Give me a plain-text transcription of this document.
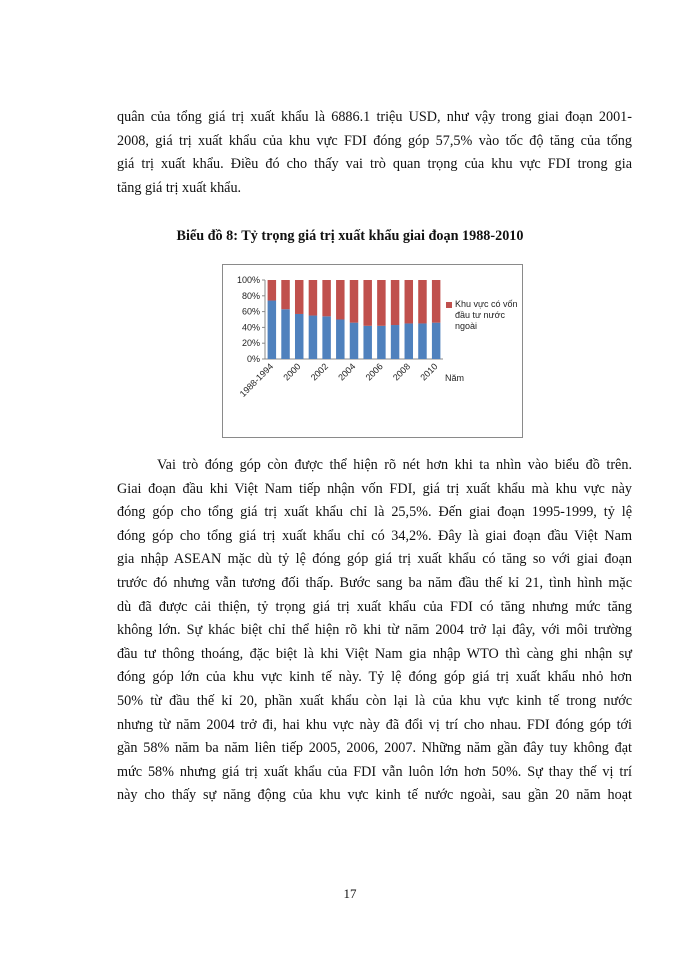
quân của tổng giá trị xuất khẩu là 6886.1 triệu USD, như vậy trong giai đoạn 2001-
2008, giá trị xuất khẩu của khu vực FDI đóng góp 57,5% vào tốc độ tăng của tổng
giá trị xuất khẩu. Điều đó cho thấy vai trò quan trọng của khu vực FDI trong gia
tăng giá trị xuất khẩu.
Biểu đồ 8: Tỷ trọng giá trị xuất khẩu giai đoạn 1988-2010
0%
20%
40%
60%
80%
100%
1988-1994 2000 2002 2004 2006 2008 2010 Năm
Khu vực có vốn đầu tư nước ngoài
Vai trò đóng góp còn được thể hiện rõ nét hơn khi ta nhìn vào biểu đồ trên.
Giai đoạn đầu khi Việt Nam tiếp nhận vốn FDI, giá trị xuất khẩu mà khu vực này
đóng góp cho tổng giá trị xuất khẩu chỉ là 25,5%. Đến giai đoạn 1995-1999, tỷ lệ
đóng góp cho tổng giá trị xuất khẩu chỉ có 34,2%. Đây là giai đoạn đầu Việt Nam
gia nhập ASEAN mặc dù tỷ lệ đóng góp giá trị xuất khẩu có tăng so với giai đoạn
trước đó nhưng vẫn tương đối thấp. Bước sang ba năm đầu thế kỉ 21, tình hình mặc
dù đã được cải thiện, tỷ trọng giá trị xuất khẩu của FDI có tăng nhưng mức tăng
không lớn. Sự khác biệt chỉ thể hiện rõ khi từ năm 2004 trở lại đây, với môi trường
đầu tư thông thoáng, đặc biệt là khi Việt Nam gia nhập WTO thì càng ghi nhận sự
đóng góp lớn của khu vực kinh tế này. Tỷ lệ đóng góp giá trị xuất khẩu nhỏ hơn
50% từ đầu thế kỉ 20, phần xuất khẩu còn lại là của khu vực kinh tế trong nước
nhưng từ năm 2004 trở đi, hai khu vực này đã đổi vị trí cho nhau. FDI đóng góp tới
gần 58% năm ba năm liên tiếp 2005, 2006, 2007. Những năm gần đây tuy không đạt
mức 58% nhưng giá trị xuất khẩu của FDI vẫn luôn lớn hơn 50%. Sự thay thế vị trí
này cho thấy sự năng động của khu vực kinh tế nước ngoài, sau gần 20 năm hoạt
17
